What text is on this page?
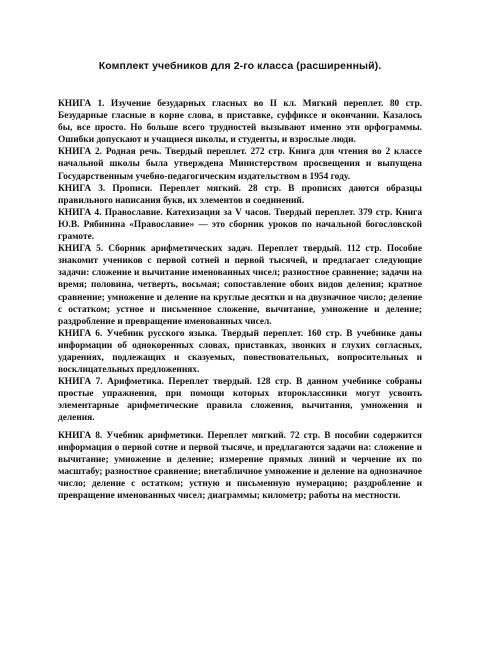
Комплект учебников для 2-го класса (расширенный).

КНИГА 1. Изучение безударных гласных во II кл. Мягкий переплет. 80 стр. Безударные гласные в корне слова, в приставке, суффиксе и окончании. Казалось бы, все просто. Но больше всего трудностей вызывают именно эти орфограммы. Ошибки допускают и учащиеся школы, и студенты, и взрослые люди.

КНИГА 2. Родная речь. Твердый переплет. 272 стр. Книга для чтения во 2 классе начальной школы была утверждена Министерством просвещения и выпущена Государственным учебно-педагогическим издательством в 1954 году.

КНИГА 3. Прописи. Переплет мягкий. 28 стр. В прописях даются образцы правильного написания букв, их элементов и соединений.

КНИГА 4. Православие. Катехизация за V часов. Твердый переплет. 379 стр. Книга Ю.В. Рябинина «Православие» — это сборник уроков по начальной богословской грамоте.

КНИГА 5. Сборник арифметических задач. Переплет твердый. 112 стр. Пособие знакомит учеников с первой сотней и первой тысячей, и предлагает следующие задачи: сложение и вычитание именованных чисел; разностное сравнение; задачи на время; половина, четверть, восьмая; сопоставление обоих видов деления; кратное сравнение; умножение и деление на круглые десятки и на двузначное число; деление с остатком; устное и письменное сложение, вычитание, умножение и деление; раздробление и превращение именованных чисел.

КНИГА 6. Учебник русского языка. Твердый переплет. 160 стр. В учебнике даны информации об однокоренных словах, приставках, звонких и глухих согласных, ударениях, подлежащих и сказуемых, повествовательных, вопросительных и восклицательных предложениях.

КНИГА 7. Арифметика. Переплет твердый. 128 стр. В данном учебнике собраны простые упражнения, при помощи которых второклассники могут усвоить элементарные арифметические правила сложения, вычитания, умножения и деления.

КНИГА 8. Учебник арифметики. Переплет мягкий. 72 стр. В пособии содержится информация о первой сотне и первой тысяче, и предлагаются задачи на: сложение и вычитание; умножение и деление; измерение прямых линий и черчение их по масштабу; разностное сравнение; внетабличное умножение и деление на однозначное число; деление с остатком; устную и письменную нумерацию; раздробление и превращение именованных чисел; диаграммы; километр; работы на местности.
